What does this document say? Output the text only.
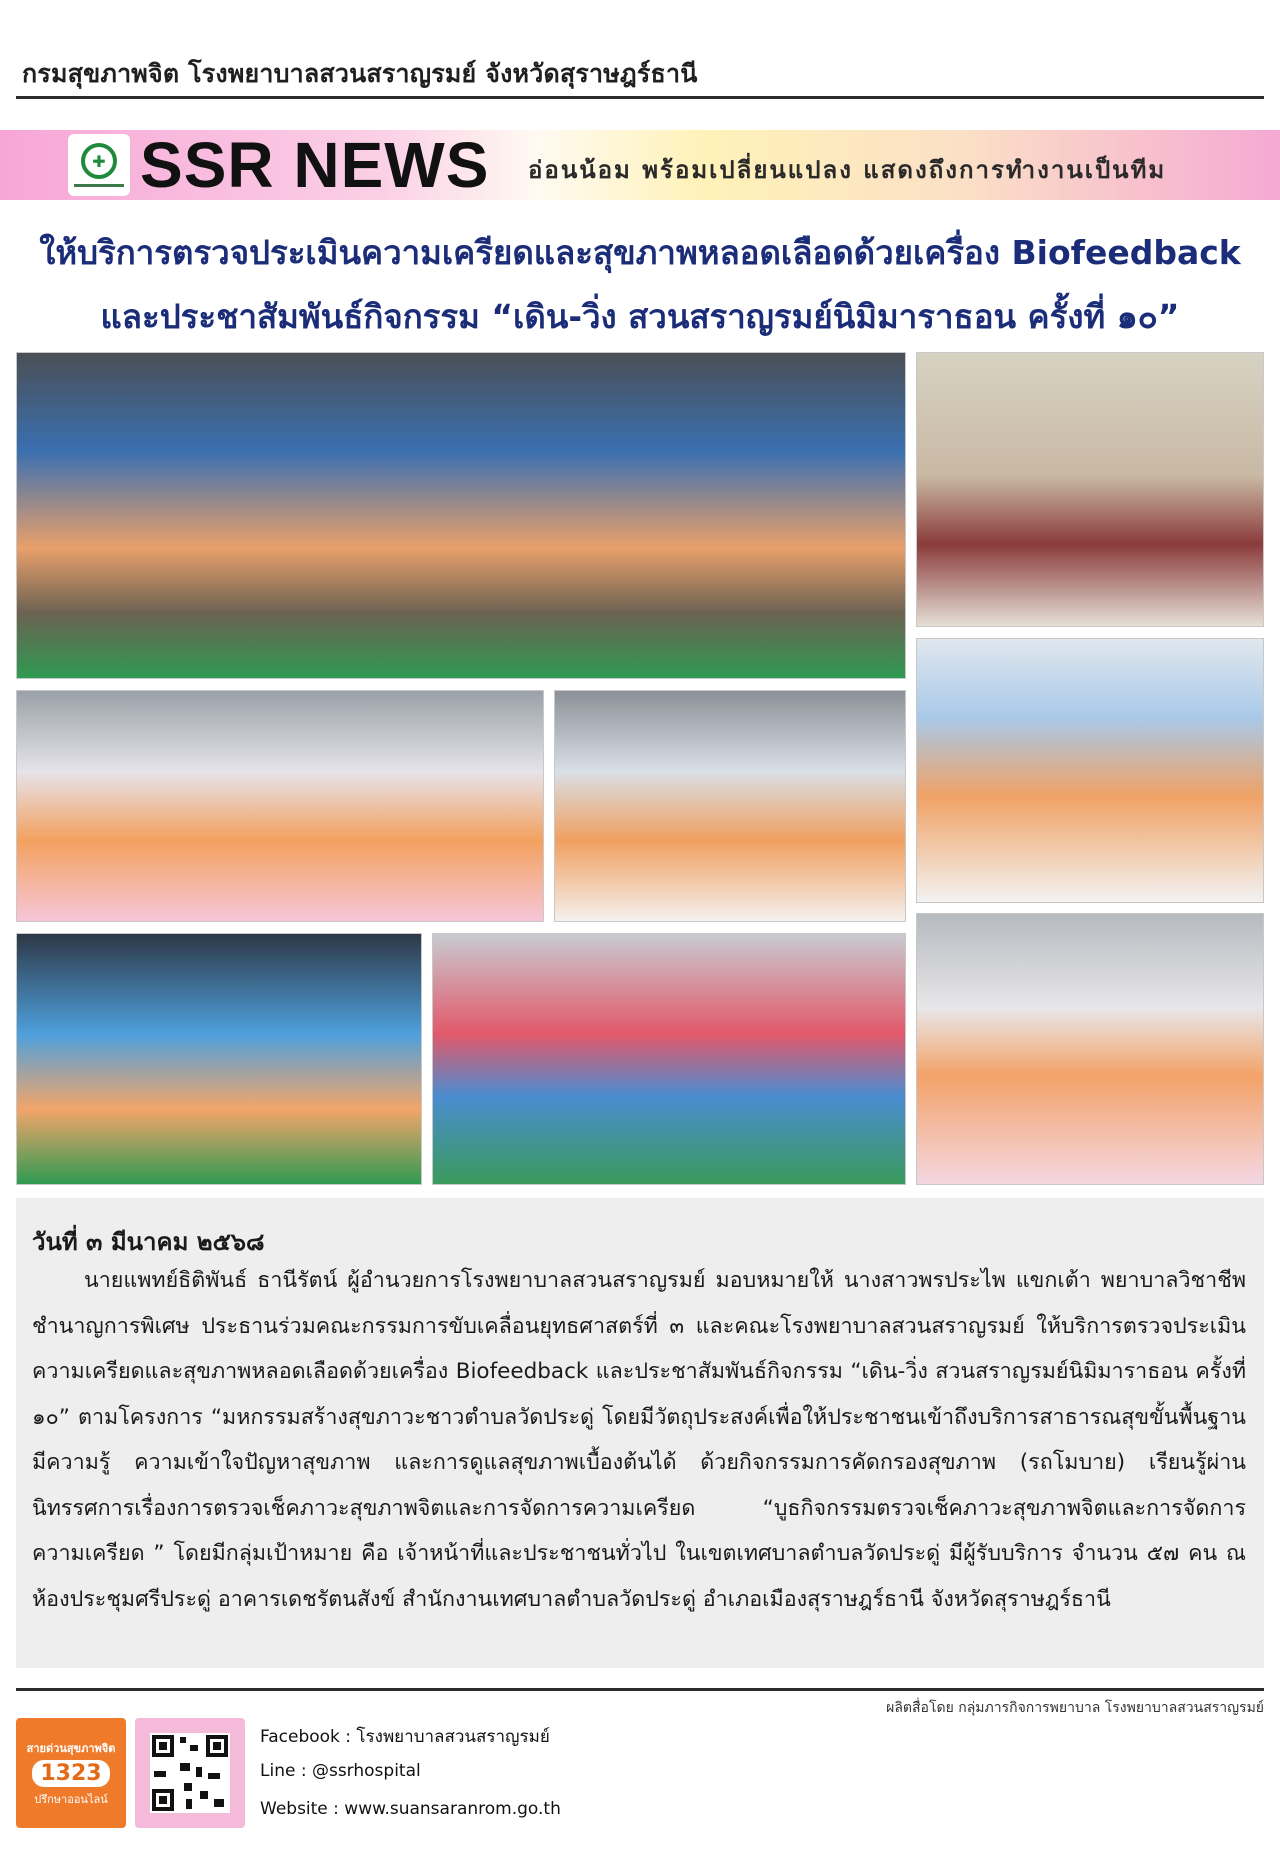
กรมสุขภาพจิต โรงพยาบาลสวนสราญรมย์ จังหวัดสุราษฎร์ธานี
✚ SSR NEWS อ่อนน้อม พร้อมเปลี่ยนแปลง แสดงถึงการทำงานเป็นทีม
ให้บริการตรวจประเมินความเครียดและสุขภาพหลอดเลือดด้วยเครื่อง Biofeedback
และประชาสัมพันธ์กิจกรรม “เดิน-วิ่ง สวนสราญรมย์นิมิมาราธอน ครั้งที่ ๑๐”
วันที่ ๓ มีนาคม ๒๕๖๘
นายแพทย์ธิติพันธ์ ธานีรัตน์ ผู้อำนวยการโรงพยาบาลสวนสราญรมย์ มอบหมายให้ นางสาวพรประไพ แขกเต้า พยาบาลวิชาชีพชำนาญการพิเศษ ประธานร่วมคณะกรรมการขับเคลื่อนยุทธศาสตร์ที่ ๓ และคณะโรงพยาบาลสวนสราญรมย์ ให้บริการตรวจประเมินความเครียดและสุขภาพหลอดเลือดด้วยเครื่อง Biofeedback และประชาสัมพันธ์กิจกรรม “เดิน-วิ่ง สวนสราญรมย์นิมิมาราธอน ครั้งที่ ๑๐” ตามโครงการ “มหกรรมสร้างสุขภาวะชาวตำบลวัดประดู่ โดยมีวัตถุประสงค์เพื่อให้ประชาชนเข้าถึงบริการสาธารณสุขขั้นพื้นฐาน มีความรู้ ความเข้าใจปัญหาสุขภาพ และการดูแลสุขภาพเบื้องต้นได้ ด้วยกิจกรรมการคัดกรองสุขภาพ (รถโมบาย) เรียนรู้ผ่านนิทรรศการเรื่องการตรวจเช็คภาวะสุขภาพจิตและการจัดการความเครียด “บูธกิจกรรมตรวจเช็คภาวะสุขภาพจิตและการจัดการความเครียด ” โดยมีกลุ่มเป้าหมาย คือ เจ้าหน้าที่และประชาชนทั่วไป ในเขตเทศบาลตำบลวัดประดู่ มีผู้รับบริการ จำนวน ๕๗ คน ณ ห้องประชุมศรีประดู่ อาคารเดชรัตนสังข์ สำนักงานเทศบาลตำบลวัดประดู่ อำเภอเมืองสุราษฎร์ธานี จังหวัดสุราษฎร์ธานี
ผลิตสื่อโดย กลุ่มภารกิจการพยาบาล โรงพยาบาลสวนสราญรมย์
สายด่วนสุขภาพจิต
1323
ปรึกษาออนไลน์
Facebook : โรงพยาบาลสวนสราญรมย์
Line : @ssrhospital
Website : www.suansaranrom.go.th
